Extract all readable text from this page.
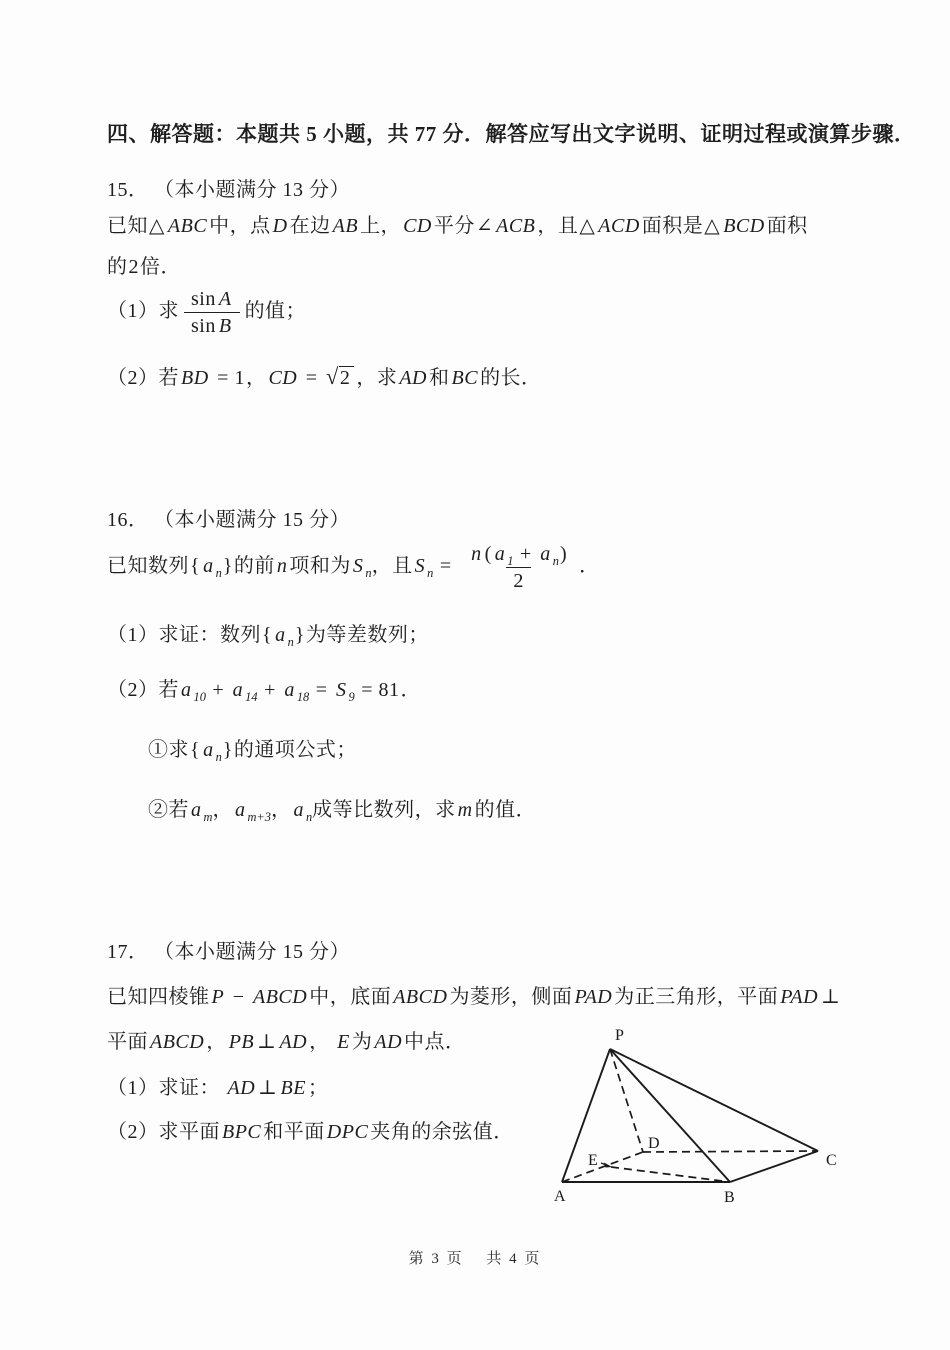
四、解答题：本题共 5 小题，共 77 分．解答应写出文字说明、证明过程或演算步骤．
15． （本小题满分 13 分）
已知△ ABC 中，点 D 在边 AB 上， CD 平分∠ ACB ，且△ ACD 面积是△ BCD 面积
的2倍．
（1）求 $\frac{\text{sin A}}{\text{sin B}}$ 的值；
（2）若 BD = 1， CD = √2 ，求 AD 和 BC 的长．
16． （本小题满分 15 分）
已知数列{ a $_n$}的前 n 项和为 S $_n$，且 S $_n = \frac{n ( a _1 + a _n)}{2}$ ．
（1）求证：数列{ a $_n$}为等差数列；
（2）若 a $_{10}$ + a $_{14}$ + a $_{18}$ = S $_9$ = 81．
①求{ a $_n$}的通项公式；
②若 a $_m$， a $_{m+3}$， a $_n$成等比数列，求 m 的值．
17． （本小题满分 15 分）
已知四棱锥 P − ABCD 中，底面 ABCD 为菱形，侧面 PAD 为正三角形，平面 PAD ⊥
平面 ABCD ， PB ⊥ AD ， E 为 AD 中点．
（1）求证： AD ⊥ BE ；
（2）求平面 BPC 和平面 DPC 夹角的余弦值．
P
A	B
C
D
E
第 3 页　 共 4 页
